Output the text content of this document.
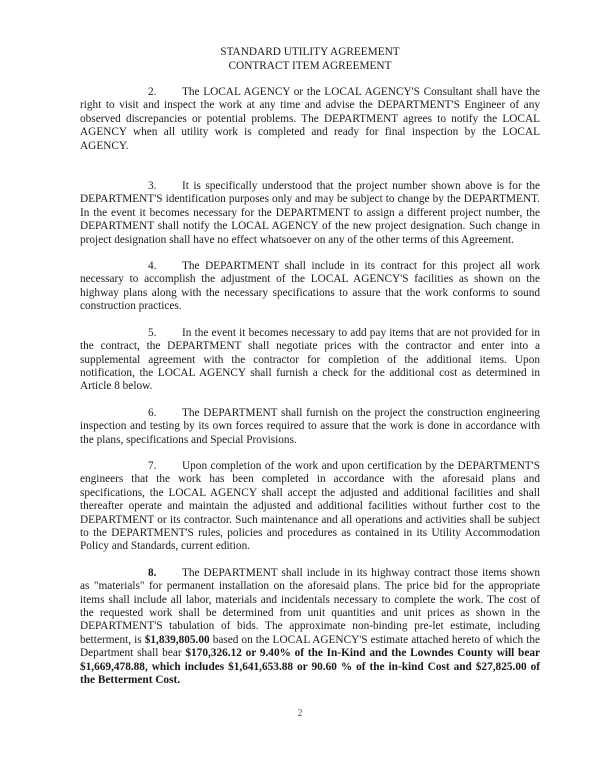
STANDARD UTILITY AGREEMENT

CONTRACT ITEM AGREEMENT

2. The LOCAL AGENCY or the LOCAL AGENCY'S Consultant shall have the right to visit and inspect the work at any time and advise the DEPARTMENT'S Engineer of any observed discrepancies or potential problems. The DEPARTMENT agrees to notify the LOCAL AGENCY when all utility work is completed and ready for final inspection by the LOCAL AGENCY.

3. It is specifically understood that the project number shown above is for the DEPARTMENT'S identification purposes only and may be subject to change by the DEPARTMENT. In the event it becomes necessary for the DEPARTMENT to assign a different project number, the DEPARTMENT shall notify the LOCAL AGENCY of the new project designation. Such change in project designation shall have no effect whatsoever on any of the other terms of this Agreement.

4. The DEPARTMENT shall include in its contract for this project all work necessary to accomplish the adjustment of the LOCAL AGENCY'S facilities as shown on the highway plans along with the necessary specifications to assure that the work conforms to sound construction practices.

5. In the event it becomes necessary to add pay items that are not provided for in the contract, the DEPARTMENT shall negotiate prices with the contractor and enter into a supplemental agreement with the contractor for completion of the additional items. Upon notification, the LOCAL AGENCY shall furnish a check for the additional cost as determined in Article 8 below.

6. The DEPARTMENT shall furnish on the project the construction engineering inspection and testing by its own forces required to assure that the work is done in accordance with the plans, specifications and Special Provisions.

7. Upon completion of the work and upon certification by the DEPARTMENT'S engineers that the work has been completed in accordance with the aforesaid plans and specifications, the LOCAL AGENCY shall accept the adjusted and additional facilities and shall thereafter operate and maintain the adjusted and additional facilities without further cost to the DEPARTMENT or its contractor. Such maintenance and all operations and activities shall be subject to the DEPARTMENT'S rules, policies and procedures as contained in its Utility Accommodation Policy and Standards, current edition.

8. The DEPARTMENT shall include in its highway contract those items shown as "materials" for permanent installation on the aforesaid plans. The price bid for the appropriate items shall include all labor, materials and incidentals necessary to complete the work. The cost of the requested work shall be determined from unit quantities and unit prices as shown in the DEPARTMENT'S tabulation of bids. The approximate non-binding pre-let estimate, including betterment, is $1,839,805.00 based on the LOCAL AGENCY'S estimate attached hereto of which the Department shall bear $170,326.12 or 9.40% of the In-Kind and the Lowndes County will bear $1,669,478.88, which includes $1,641,653.88 or 90.60 % of the in-kind Cost and $27,825.00 of the Betterment Cost.

2
